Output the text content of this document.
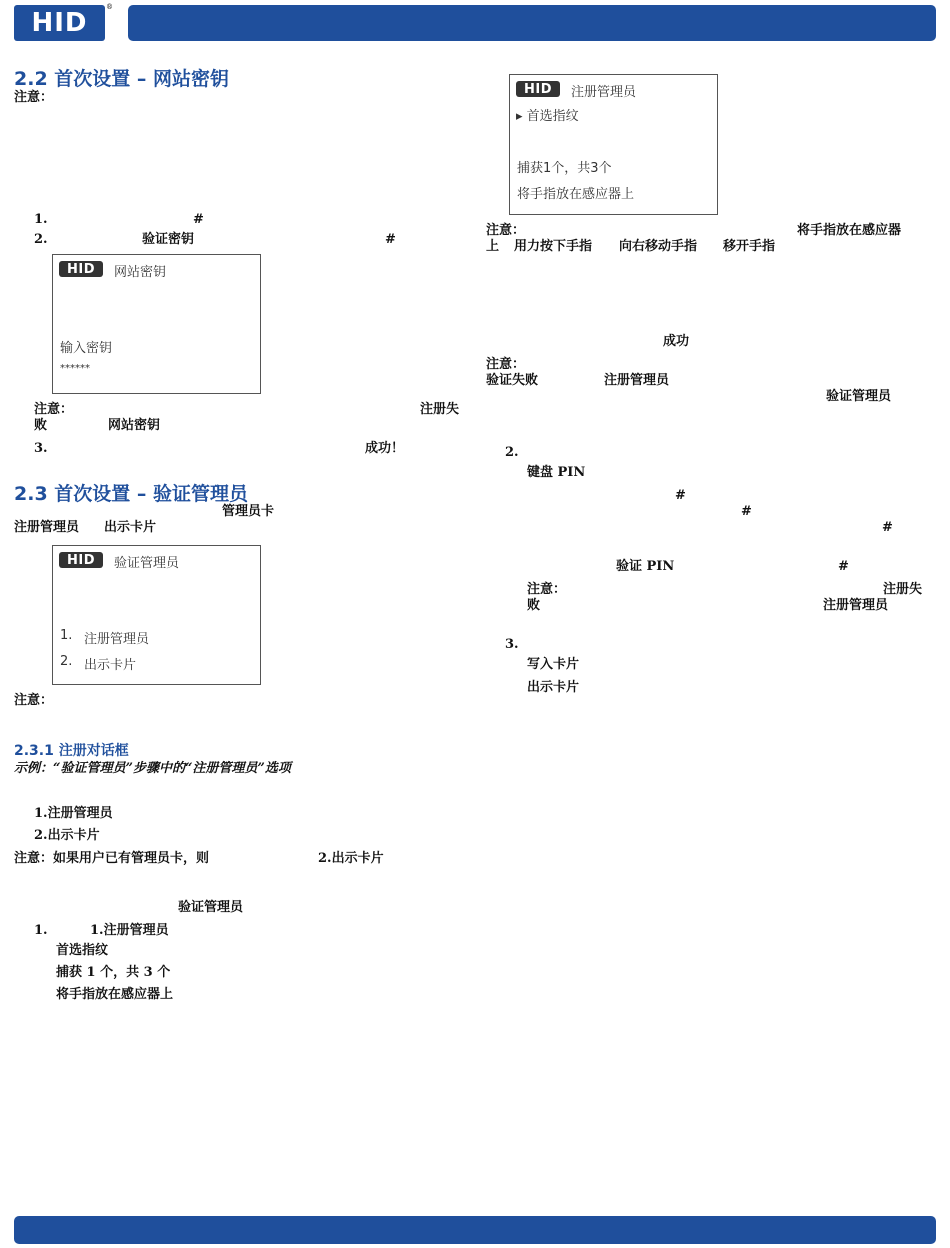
HID
®
2.2 首次设置 – 网站密钥
注意：
1.	#
2.	验证密钥	#
HID	网站密钥
输入密钥
******
注意：	注册失
败	网站密钥
3.	成功！
2.3 首次设置 – 验证管理员
管理员卡
注册管理员 出示卡片
HID	验证管理员
1. 注册管理员
2. 出示卡片
注意：
2.3.1 注册对话框
示例：“验证管理员”步骤中的“注册管理员”选项
1.注册管理员
2.出示卡片
注意：如果用户已有管理员卡，则	2.出示卡片
验证管理员
1.	1.注册管理员
首选指纹
捕获 1 个，共 3 个
将手指放在感应器上
HID	注册管理员
▸ 首选指纹
捕获1个，共3个
将手指放在感应器上
注意：	将手指放在感应器
上 用力按下手指 向右移动手指 移开手指
成功
注意：
验证失败	注册管理员
验证管理员
2.
键盘 PIN
#
#
#
验证 PIN	#
注意：	注册失
败	注册管理员
3.
写入卡片
出示卡片
